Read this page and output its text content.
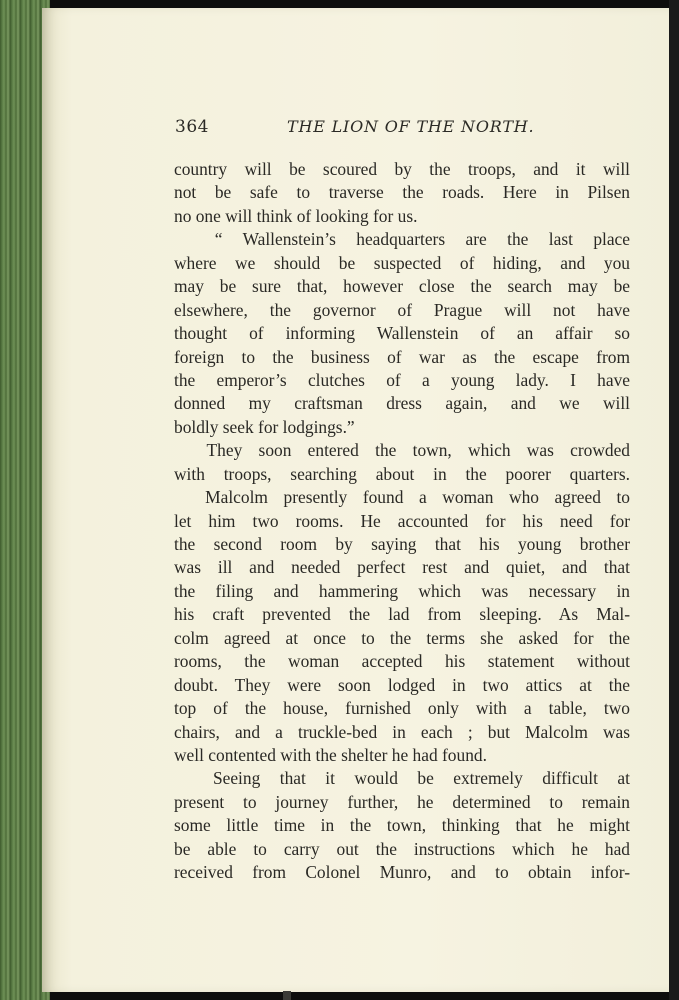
364	THE LION OF THE NORTH.
country will be scoured by the troops, and it will
not be safe to traverse the roads. Here in Pilsen
no one will think of looking for us.
“ Wallenstein’s headquarters are the last place
where we should be suspected of hiding, and you
may be sure that, however close the search may be
elsewhere, the governor of Prague will not have
thought of informing Wallenstein of an affair so
foreign to the business of war as the escape from
the emperor’s clutches of a young lady. I have
donned my craftsman dress again, and we will
boldly seek for lodgings.”
They soon entered the town, which was crowded
with troops, searching about in the poorer quarters.
Malcolm presently found a woman who agreed to
let him two rooms. He accounted for his need for
the second room by saying that his young brother
was ill and needed perfect rest and quiet, and that
the filing and hammering which was necessary in
his craft prevented the lad from sleeping. As Mal-
colm agreed at once to the terms she asked for the
rooms, the woman accepted his statement without
doubt. They were soon lodged in two attics at the
top of the house, furnished only with a table, two
chairs, and a truckle-bed in each ; but Malcolm was
well contented with the shelter he had found.
Seeing that it would be extremely difficult at
present to journey further, he determined to remain
some little time in the town, thinking that he might
be able to carry out the instructions which he had
received from Colonel Munro, and to obtain infor-
